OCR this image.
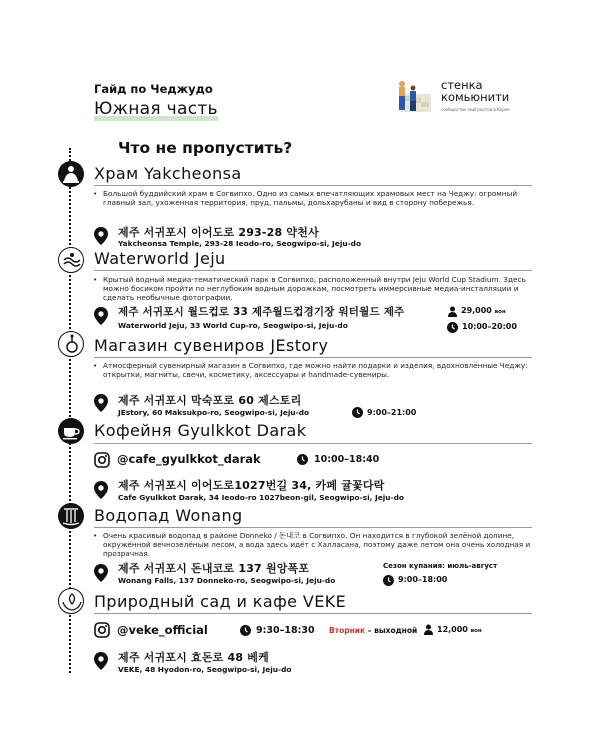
Гайд по Чеджудо
Южная часть
стенка
комьюнити
сообщество эмигрантов в Корее
Что не пропустить?
Храм Yakcheonsa
• Большой буддийский храм в Согвипхо. Одно из самых впечатляющих храмовых мест на Чеджу: огромный главный зал, ухоженная территория, пруд, пальмы, дольхарубаны и вид в сторону побережья.
제주 서귀포시 이어도로 293-28 약천사
Yakcheonsa Temple, 293-28 Ieodo-ro, Seogwipo-si, Jeju-do
Waterworld Jeju
• Крытый водный медиа-тематический парк в Согвипхо, расположенный внутри Jeju World Cup Stadium. Здесь можно босиком пройти по неглубоким водным дорожкам, посмотреть иммерсивные медиа-инсталляции и сделать необычные фотографии.
제주 서귀포시 월드컵로 33 제주월드컵경기장 워터월드 제주
Waterworld Jeju, 33 World Cup-ro, Seogwipo-si, Jeju-do
29,000 вон
10:00–20:00
Магазин сувениров JEstory
• Атмосферный сувенирный магазин в Согвипхо, где можно найти подарки и изделия, вдохновлённые Чеджу: открытки, магниты, свечи, косметику, аксессуары и handmade-сувениры.
제주 서귀포시 막숙포로 60 제스토리
JEstory, 60 Maksukpo-ro, Seogwipo-si, Jeju-do	9:00–21:00
Кофейня Gyulkkot Darak
@cafe_gyulkkot_darak	10:00–18:40
제주 서귀포시 이어도로1027번길 34, 카페 귤꽃다락
Cafe Gyulkkot Darak, 34 Ieodo-ro 1027beon-gil, Seogwipo-si, Jeju-do
Водопад Wonang
• Очень красивый водопад в районе Donneko / 돈내코 в Согвипхо. Он находится в глубокой зелёной долине, окружённой вечнозелёным лесом, а вода здесь идёт с Халласана, поэтому даже летом она очень холодная и прозрачная.
제주 서귀포시 돈내코로 137 원앙폭포
Wonang Falls, 137 Donneko-ro, Seogwipo-si, Jeju-do
Сезон купания: июль-август
9:00–18:00
Природный сад и кафе VEKE
@veke_official	9:30–18:30 Вторник – выходной 12,000 вон
제주 서귀포시 효돈로 48 베케
VEKE, 48 Hyodon-ro, Seogwipo-si, Jeju-do
